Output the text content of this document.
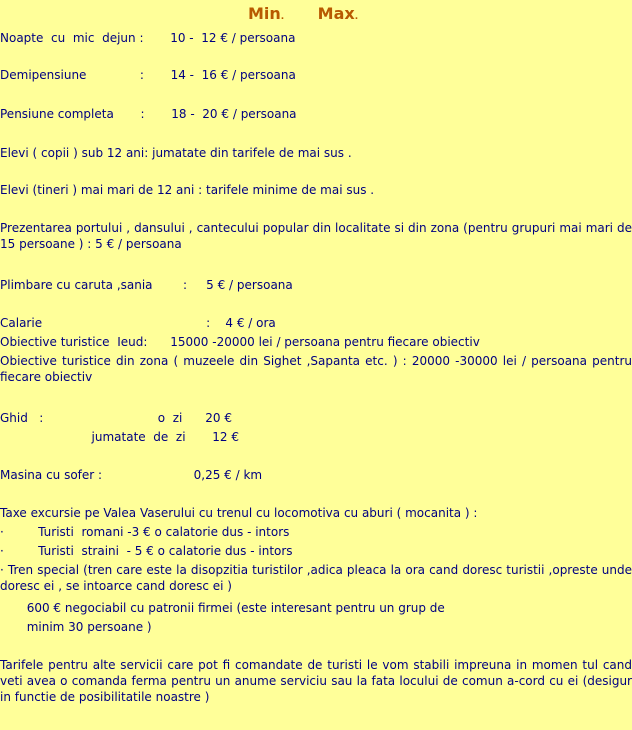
Min. Max.
Noapte  cu  mic  dejun :       10 -  12 € / persoana
Demipensiune              :       14 -  16 € / persoana
Pensiune completa       :       18 -  20 € / persoana
Elevi ( copii ) sub 12 ani: jumatate din tarifele de mai sus .
Elevi (tineri ) mai mari de 12 ani : tarifele minime de mai sus .
Prezentarea portului , dansului , cantecului popular din localitate si din zona (pentru grupuri mai mari de 15 persoane ) : 5 € / persoana
Plimbare cu caruta ,sania        :     5 € / persoana
Calarie                                           :    4 € / ora
Obiective turistice  Ieud:      15000 -20000 lei / persoana pentru fiecare obiectiv
Obiective turistice din zona ( muzeele din Sighet ,Sapanta etc. ) : 20000 -30000 lei / persoana pentru fiecare obiectiv
Ghid   :                              o  zi      20 €
jumatate  de  zi       12 €
Masina cu sofer :                        0,25 € / km
Taxe excursie pe Valea Vaserului cu trenul cu locomotiva cu aburi ( mocanita ) :
·         Turisti  romani -3 € o calatorie dus - intors
·         Turisti  straini  - 5 € o calatorie dus - intors
· Tren special (tren care este la disopzitia turistilor ,adica pleaca la ora cand doresc turistii ,opreste unde doresc ei , se intoarce cand doresc ei )
600 € negociabil cu patronii firmei (este interesant pentru un grup de
minim 30 persoane )
Tarifele pentru alte servicii care pot fi comandate de turisti le vom stabili impreuna in momen tul cand veti avea o comanda ferma pentru un anume serviciu sau la fata locului de comun a-cord cu ei (desigur in functie de posibilitatile noastre )
